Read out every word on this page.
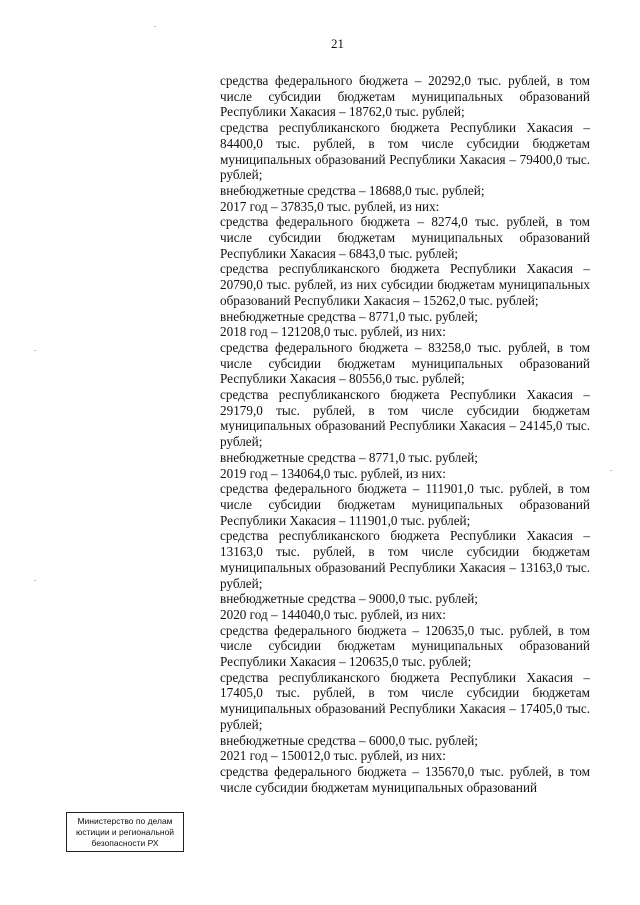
21

средства федерального бюджета – 20292,0 тыс. рублей, в том числе субсидии бюджетам муниципальных образований Республики Хакасия – 18762,0 тыс. рублей;

средства республиканского бюджета Республики Хакасия – 84400,0 тыс. рублей, в том числе субсидии бюджетам муниципальных образований Республики Хакасия – 79400,0 тыс. рублей;

внебюджетные средства – 18688,0 тыс. рублей;

2017 год – 37835,0 тыс. рублей, из них:

средства федерального бюджета – 8274,0 тыс. рублей, в том числе субсидии бюджетам муниципальных образований Республики Хакасия – 6843,0 тыс. рублей;

средства республиканского бюджета Республики Хакасия – 20790,0 тыс. рублей, из них субсидии бюджетам муниципальных образований Республики Хакасия – 15262,0 тыс. рублей;

внебюджетные средства – 8771,0 тыс. рублей;

2018 год – 121208,0 тыс. рублей, из них:

средства федерального бюджета – 83258,0 тыс. рублей, в том числе субсидии бюджетам муниципальных образований Республики Хакасия – 80556,0 тыс. рублей;

средства республиканского бюджета Республики Хакасия – 29179,0 тыс. рублей, в том числе субсидии бюджетам муниципальных образований Республики Хакасия – 24145,0 тыс. рублей;

внебюджетные средства – 8771,0 тыс. рублей;

2019 год – 134064,0 тыс. рублей, из них:

средства федерального бюджета – 111901,0 тыс. рублей, в том числе субсидии бюджетам муниципальных образований Республики Хакасия – 111901,0 тыс. рублей;

средства республиканского бюджета Республики Хакасия – 13163,0 тыс. рублей, в том числе субсидии бюджетам муниципальных образований Республики Хакасия – 13163,0 тыс. рублей;

внебюджетные средства – 9000,0 тыс. рублей;

2020 год – 144040,0 тыс. рублей, из них:

средства федерального бюджета – 120635,0 тыс. рублей, в том числе субсидии бюджетам муниципальных образований Республики Хакасия – 120635,0 тыс. рублей;

средства республиканского бюджета Республики Хакасия – 17405,0 тыс. рублей, в том числе субсидии бюджетам муниципальных образований Республики Хакасия – 17405,0 тыс. рублей;

внебюджетные средства – 6000,0 тыс. рублей;

2021 год – 150012,0 тыс. рублей, из них:

средства федерального бюджета – 135670,0 тыс. рублей, в том числе субсидии бюджетам муниципальных образований

Министерство по делам
юстиции и региональной
безопасности РХ
